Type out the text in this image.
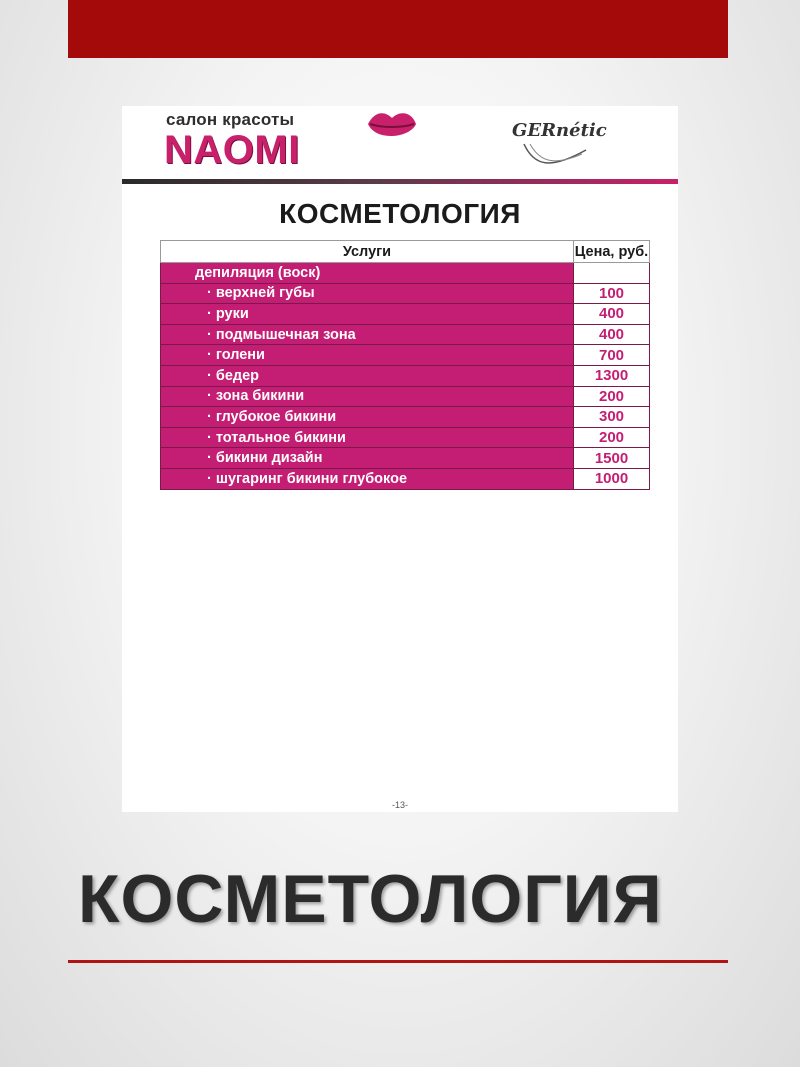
салон красоты
NAOMI	GERnétic
КОСМЕТОЛОГИЯ
Услуги	Цена, руб.
депиляция (воск)	
· верхней губы	100
· руки	400
· подмышечная зона	400
· голени	700
· бедер	1300
· зона бикини	200
· глубокое бикини	300
· тотальное бикини	200
· бикини дизайн	1500
· шугаринг бикини глубокое	1000
-13-
КОСМЕТОЛОГИЯ
